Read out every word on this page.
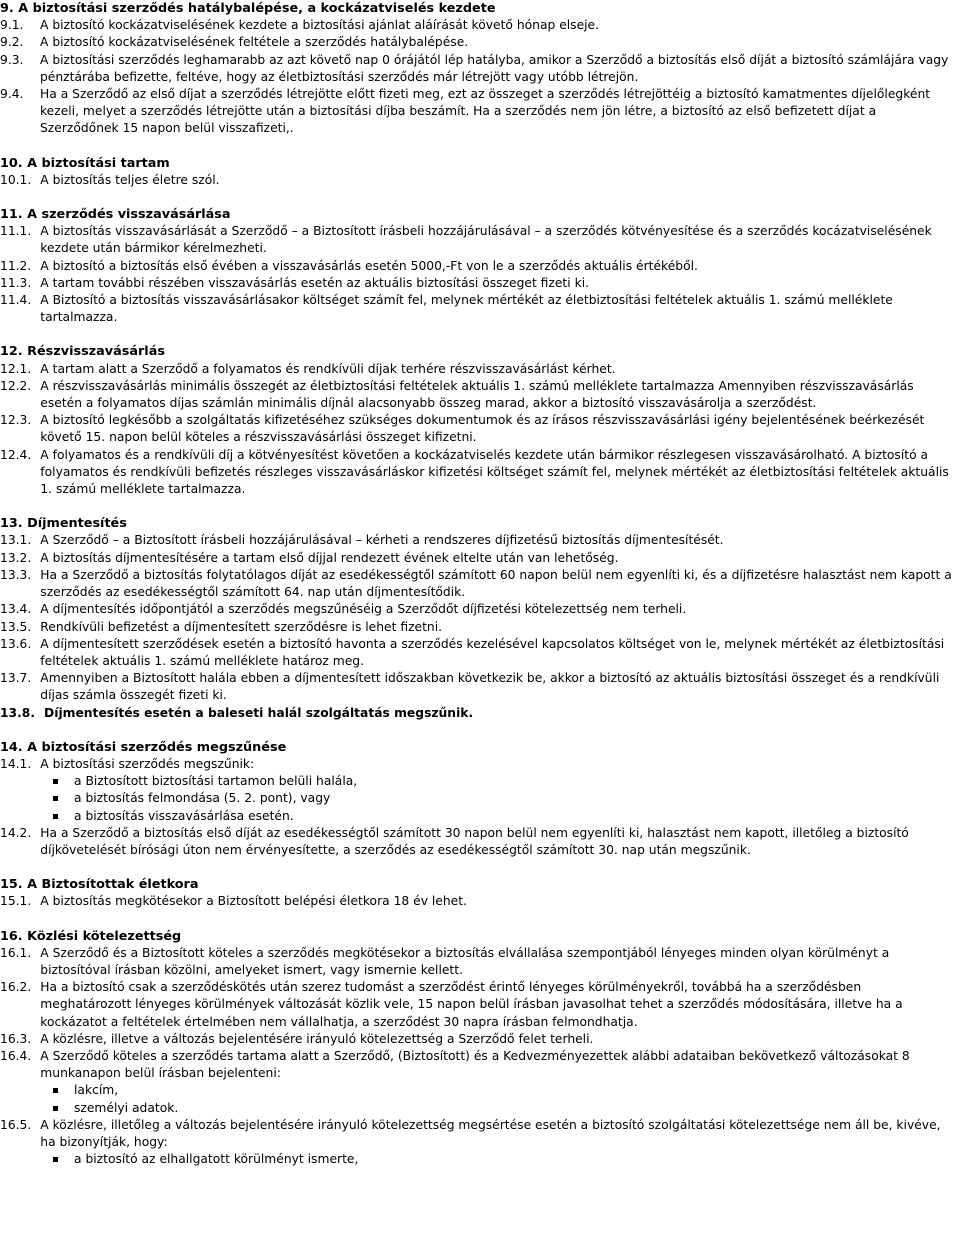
9. A biztosítási szerződés hatálybalépése, a kockázatviselés kezdete
9.1.	A biztosító kockázatviselésének kezdete a biztosítási ajánlat aláírását követő hónap elseje.
9.2.	A biztosító kockázatviselésének feltétele a szerződés hatálybalépése.
9.3.	A biztosítási szerződés leghamarabb az azt követő nap 0 órájától lép hatályba, amikor a Szerződő a biztosítás első díját a biztosító számlájára vagy pénztárába befizette, feltéve, hogy az életbiztosítási szerződés már létrejött vagy utóbb létrejön.
9.4.	Ha a Szerződő az első díjat a szerződés létrejötte előtt fizeti meg, ezt az összeget a szerződés létrejöttéig a biztosító kamatmentes díjelőlegként kezeli, melyet a szerződés létrejötte után a biztosítási díjba beszámít. Ha a szerződés nem jön létre, a biztosító az első befizetett díjat a Szerződőnek 15 napon belül visszafizeti,.
10. A biztosítási tartam
10.1. A biztosítás teljes életre szól.
11. A szerződés visszavásárlása
11.1. A biztosítás visszavásárlását a Szerződő – a Biztosított írásbeli hozzájárulásával – a szerződés kötvényesítése és a szerződés kocázatviselésének kezdete után bármikor kérelmezheti.
11.2. A biztosító a biztosítás első évében a visszavásárlás esetén 5000,-Ft von le a szerződés aktuális értékéből.
11.3. A tartam további részében visszavásárlás esetén az aktuális biztosítási összeget fizeti ki.
11.4. A Biztosító a biztosítás visszavásárlásakor költséget számít fel, melynek mértékét az életbiztosítási feltételek aktuális 1. számú melléklete tartalmazza.
12. Részvisszavásárlás
12.1. A tartam alatt a Szerződő a folyamatos és rendkívüli díjak terhére részvisszavásárlást kérhet.
12.2. A részvisszavásárlás minimális összegét az életbiztosítási feltételek aktuális 1. számú melléklete tartalmazza Amennyiben részvisszavásárlás esetén a folyamatos díjas számlán minimális díjnál alacsonyabb összeg marad, akkor a biztosító visszavásárolja a szerződést.
12.3. A biztosító legkésőbb a szolgáltatás kifizetéséhez szükséges dokumentumok és az írásos részvisszavásárlási igény bejelentésének beérkezését követő 15. napon belül köteles a részvisszavásárlási összeget kifizetni.
12.4. A folyamatos és a rendkívüli díj a kötvényesítést követően a kockázatviselés kezdete után bármikor részlegesen visszavásárolható. A biztosító a folyamatos és rendkívüli befizetés részleges visszavásárláskor kifizetési költséget számít fel, melynek mértékét az életbiztosítási feltételek aktuális 1. számú melléklete tartalmazza.
13. Díjmentesítés
13.1. A Szerződő – a Biztosított írásbeli hozzájárulásával – kérheti a rendszeres díjfizetésű biztosítás díjmentesítését.
13.2. A biztosítás díjmentesítésére a tartam első díjjal rendezett évének eltelte után van lehetőség.
13.3. Ha a Szerződő a biztosítás folytatólagos díját az esedékességtől számított 60 napon belül nem egyenlíti ki, és a díjfizetésre halasztást nem kapott a szerződés az esedékességtől számított 64. nap után díjmentesítődik.
13.4. A díjmentesítés időpontjától a szerződés megszűnéséig a Szerződőt díjfizetési kötelezettség nem terheli.
13.5. Rendkívüli befizetést a díjmentesített szerződésre is lehet fizetni.
13.6. A díjmentesített szerződések esetén a biztosító havonta a szerződés kezelésével kapcsolatos költséget von le, melynek mértékét az életbiztosítási feltételek aktuális 1. számú melléklete határoz meg.
13.7. Amennyiben a Biztosított halála ebben a díjmentesített időszakban következik be, akkor a biztosító az aktuális biztosítási összeget és a rendkívüli díjas számla összegét fizeti ki.
13.8. Díjmentesítés esetén a baleseti halál szolgáltatás megszűnik.
14. A biztosítási szerződés megszűnése
14.1. A biztosítási szerződés megszűnik:
a Biztosított biztosítási tartamon belüli halála,
a biztosítás felmondása (5. 2. pont), vagy
a biztosítás visszavásárlása esetén.
14.2. Ha a Szerződő a biztosítás első díját az esedékességtől számított 30 napon belül nem egyenlíti ki, halasztást nem kapott, illetőleg a biztosító díjkövetelését bírósági úton nem érvényesítette, a szerződés az esedékességtől számított 30. nap után megszűnik.
15. A Biztosítottak életkora
15.1. A biztosítás megkötésekor a Biztosított belépési életkora 18 év lehet.
16. Közlési kötelezettség
16.1. A Szerződő és a Biztosított köteles a szerződés megkötésekor a biztosítás elvállalása szempontjából lényeges minden olyan körülményt a biztosítóval írásban közölni, amelyeket ismert, vagy ismernie kellett.
16.2. Ha a biztosító csak a szerződéskötés után szerez tudomást a szerződést érintő lényeges körülményekről, továbbá ha a szerződésben meghatározott lényeges körülmények változását közlik vele, 15 napon belül írásban javasolhat tehet a szerződés módosítására, illetve ha a kockázatot a feltételek értelmében nem vállalhatja, a szerződést 30 napra írásban felmondhatja.
16.3. A közlésre, illetve a változás bejelentésére irányuló kötelezettség a Szerződő felet terheli.
16.4. A Szerződő köteles a szerződés tartama alatt a Szerződő, (Biztosított) és a Kedvezményezettek alábbi adataiban bekövetkező változásokat 8 munkanapon belül írásban bejelenteni:
lakcím,
személyi adatok.
16.5. A közlésre, illetőleg a változás bejelentésére irányuló kötelezettség megsértése esetén a biztosító szolgáltatási kötelezettsége nem áll be, kivéve, ha bizonyítják, hogy:
a biztosító az elhallgatott körülményt ismerte,
